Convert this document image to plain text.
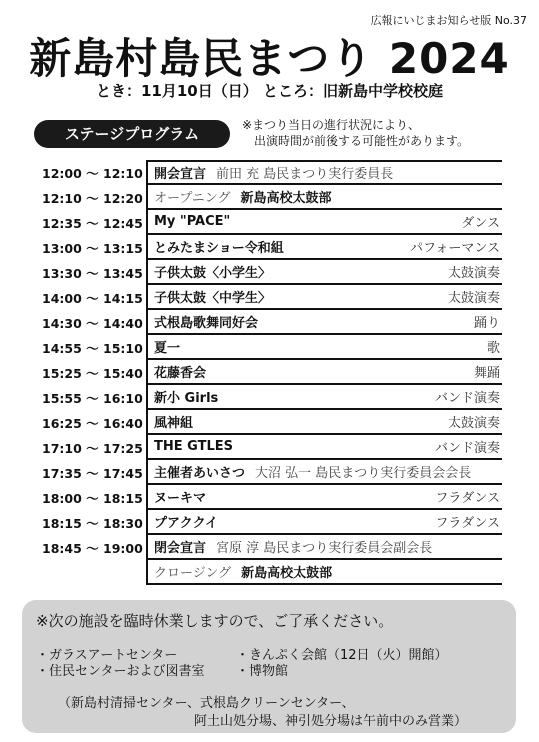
広報にいじまお知らせ版 No.37
新島村島民まつり 2024
とき：11月10日（日） ところ：旧新島中学校校庭
ステージプログラム	※まつり当日の進行状況により、
出演時間が前後する可能性があります。
12:00 ～ 12:10 開会宣言 前田 充 島民まつり実行委員長
12:10 ～ 12:20 オープニング 新島高校太鼓部
12:35 ～ 12:45 My "PACE"	ダンス
13:00 ～ 13:15 とみたまショー令和組	パフォーマンス
13:30 ～ 13:45 子供太鼓〈小学生〉	太鼓演奏
14:00 ～ 14:15 子供太鼓〈中学生〉	太鼓演奏
14:30 ～ 14:40 式根島歌舞同好会	踊り
14:55 ～ 15:10 夏一	歌
15:25 ～ 15:40 花藤香会	舞踊
15:55 ～ 16:10 新小 Girls	バンド演奏
16:25 ～ 16:40 風神組	太鼓演奏
17:10 ～ 17:25 THE GTLES	バンド演奏
17:35 ～ 17:45 主催者あいさつ 大沼 弘一 島民まつり実行委員会会長
18:00 ～ 18:15 ヌーキマ	フラダンス
18:15 ～ 18:30 プアククイ	フラダンス
18:45 ～ 19:00 閉会宣言 宮原 淳 島民まつり実行委員会副会長
クロージング 新島高校太鼓部
※次の施設を臨時休業しますので、ご了承ください。
・ガラスアートセンター
・住民センターおよび図書室
・きんぷく会館（12日（火）開館）
・博物館
（新島村清掃センター、式根島クリーンセンター、
阿土山処分場、神引処分場は午前中のみ営業）
